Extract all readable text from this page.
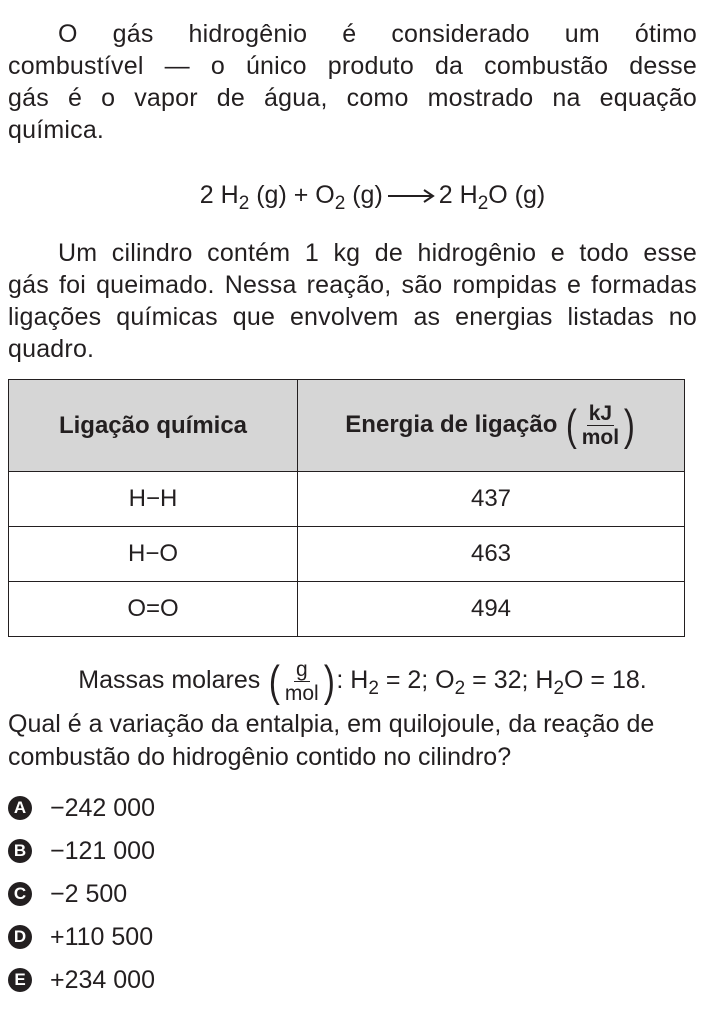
O gás hidrogênio é considerado um ótimo combustível — o único produto da combustão desse gás é o vapor de água, como mostrado na equação química.

2 $H_2$ $(g) + O_2$ (g) → 2 $H_2O$ (g)

Um cilindro contém 1 kg de hidrogênio e todo esse gás foi queimado. Nessa reação, são rompidas e formadas ligações químicas que envolvem as energias listadas no quadro.

Ligação química	Energia de ligação ( $\frac{kJ}{\text{mol}}$ )
H−H	437
H−O	463
O=O	494
Massas molares ( $\frac{g}{\text{mol}}$ ): $H_2 = 2$; $O_2 = 32$; $H_2O = 18$.

Qual é a variação da entalpia, em quilojoule, da reação de combustão do hidrogênio contido no cilindro?

A −242 000
B −121 000
C −2 500
D +110 500
E +234 000
